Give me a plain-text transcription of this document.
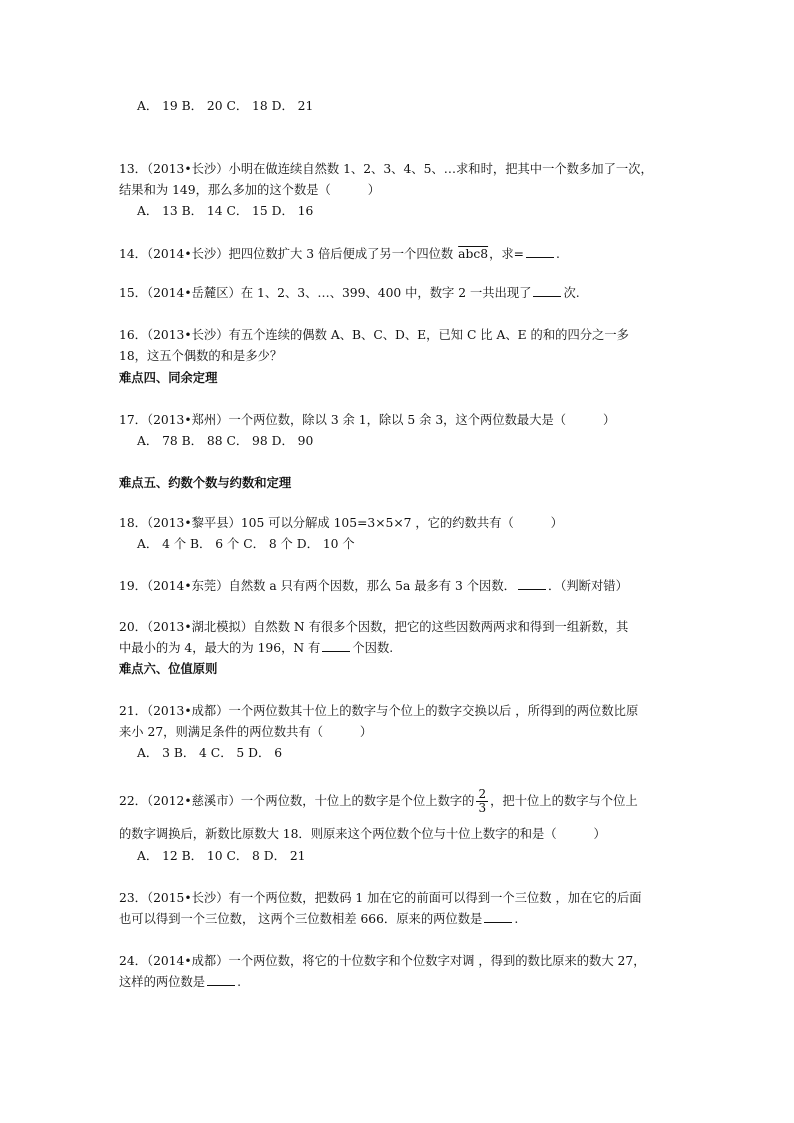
A． 19 B． 20 C． 18 D． 21
13．（2013•长沙）小明在做连续自然数 1、2、3、4、5、…求和时，把其中一个数多加了一次，
结果和为 149，那么多加的这个数是（　　　）
A． 13 B． 14 C． 15 D． 16
14．（2014•长沙）把四位数扩大 3 倍后便成了另一个四位数 abc8，求=	.
15．（2014•岳麓区）在 1、2、3、…、399、400 中，数字 2 一共出现了	次.
16．（2013•长沙）有五个连续的偶数 A、B、C、D、E，已知 C 比 A、E 的和的四分之一多
18，这五个偶数的和是多少？
难点四、同余定理
17．（2013•郑州）一个两位数，除以 3 余 1，除以 5 余 3，这个两位数最大是（　　　）
A． 78 B． 88 C． 98 D． 90
难点五、约数个数与约数和定理
18．（2013•黎平县）105 可以分解成 105=3×5×7 ，它的约数共有（　　　）
A． 4 个 B． 6 个 C． 8 个 D． 10 个
19．（2014•东莞）自然数 a 只有两个因数，那么 5a 最多有 3 个因数．	．（判断对错）
20．（2013•湖北模拟）自然数 N 有很多个因数，把它的这些因数两两求和得到一组新数，其
中最小的为 4，最大的为 196，N 有	个因数.
难点六、位值原则
21．（2013•成都）一个两位数其十位上的数字与个位上的数字交换以后 ，所得到的两位数比原
来小 27，则满足条件的两位数共有（　　　）
A． 3 B． 4 C． 5 D． 6
22．（2012•慈溪市）一个两位数，十位上的数字是个位上数字的 $\frac{2}{3}$ ，把十位上的数字与个位上
的数字调换后，新数比原数大 18．则原来这个两位数个位与十位上数字的和是（　　　）
A． 12 B． 10 C． 8 D． 21
23．（2015•长沙）有一个两位数，把数码 1 加在它的前面可以得到一个三位数 ，加在它的后面
也可以得到一个三位数， 这两个三位数相差 666．原来的两位数是	.
24．（2014•成都）一个两位数，将它的十位数字和个位数字对调 ，得到的数比原来的数大 27，
这样的两位数是	.
